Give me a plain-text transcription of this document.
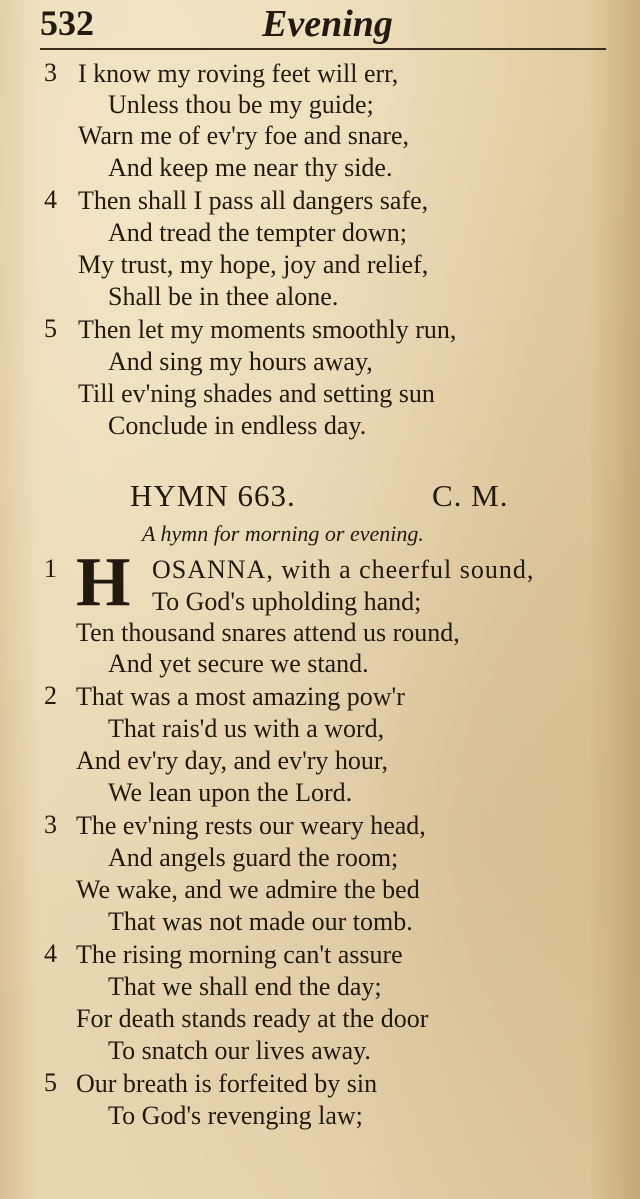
532	Evening
3 I know my roving feet will err,
Unless thou be my guide;
Warn me of ev'ry foe and snare,
And keep me near thy side.
4 Then shall I pass all dangers safe,
And tread the tempter down;
My trust, my hope, joy and relief,
Shall be in thee alone.
5 Then let my moments smoothly run,
And sing my hours away,
Till ev'ning shades and setting sun
Conclude in endless day.
HYMN 663.	C. M.
A hymn for morning or evening.
1 H OSANNA, with a cheerful sound,
To God's upholding hand;
Ten thousand snares attend us round,
And yet secure we stand.
2 That was a most amazing pow'r
That rais'd us with a word,
And ev'ry day, and ev'ry hour,
We lean upon the Lord.
3 The ev'ning rests our weary head,
And angels guard the room;
We wake, and we admire the bed
That was not made our tomb.
4 The rising morning can't assure
That we shall end the day;
For death stands ready at the door
To snatch our lives away.
5 Our breath is forfeited by sin
To God's revenging law;
